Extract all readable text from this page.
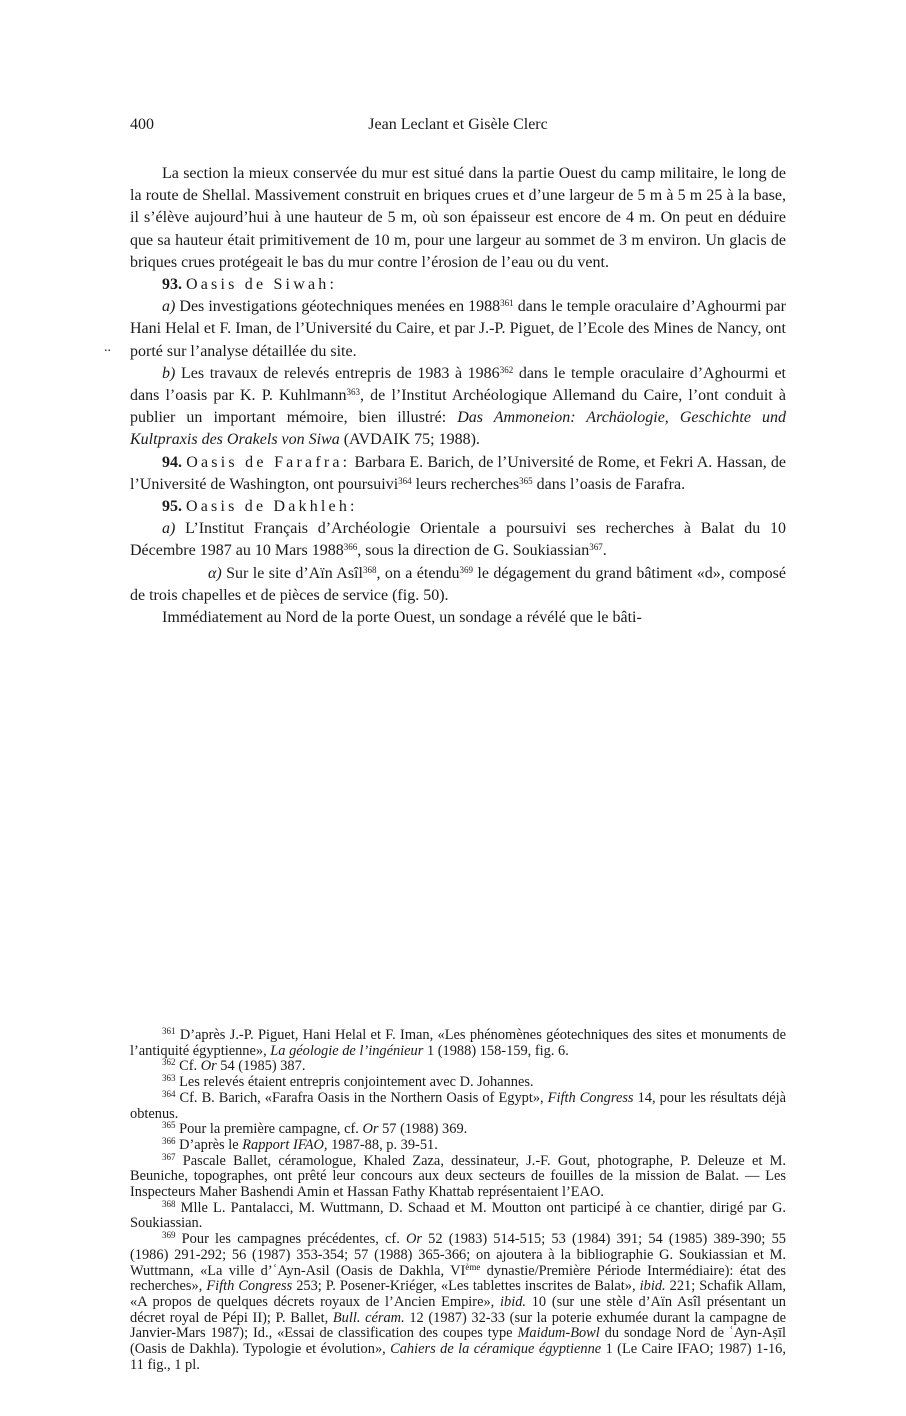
400	Jean Leclant et Gisèle Clerc
..

La section la mieux conservée du mur est situé dans la partie Ouest du camp militaire, le long de la route de Shellal. Massivement construit en briques crues et d’une largeur de 5 m à 5 m 25 à la base, il s’élève aujourd’hui à une hauteur de 5 m, où son épaisseur est encore de 4 m. On peut en déduire que sa hauteur était primitivement de 10 m, pour une largeur au sommet de 3 m environ. Un glacis de briques crues protégeait le bas du mur contre l’érosion de l’eau ou du vent.

93. Oasis de Siwah:

a) Des investigations géotechniques menées en 1988$^{361}$ dans le temple oraculaire d’Aghourmi par Hani Helal et F. Iman, de l’Université du Caire, et par J.-P. Piguet, de l’Ecole des Mines de Nancy, ont porté sur l’analyse détaillée du site.

b) Les travaux de relevés entrepris de 1983 à 1986$^{362}$ dans le temple oraculaire d’Aghourmi et dans l’oasis par K. P. Kuhlmann$^{363}$, de l’Institut Archéologique Allemand du Caire, l’ont conduit à publier un important mémoire, bien illustré: Das Ammoneion: Archäologie, Geschichte und Kultpraxis des Orakels von Siwa (AVDAIK 75; 1988).

94. Oasis de Farafra: Barbara E. Barich, de l’Université de Rome, et Fekri A. Hassan, de l’Université de Washington, ont poursuivi$^{364}$ leurs recherches$^{365}$ dans l’oasis de Farafra.

95. Oasis de Dakhleh:

a) L’Institut Français d’Archéologie Orientale a poursuivi ses recherches à Balat du 10 Décembre 1987 au 10 Mars 1988$^{366}$, sous la direction de G. Soukiassian$^{367}$.

α) Sur le site d’Aïn Asîl$^{368}$, on a étendu$^{369}$ le dégagement du grand bâtiment «d», composé de trois chapelles et de pièces de service (fig. 50).

Immédiatement au Nord de la porte Ouest, un sondage a révélé que le bâti-

$^{361}$ D’après J.-P. Piguet, Hani Helal et F. Iman, «Les phénomènes géotechniques des sites et monuments de l’antiquité égyptienne», La géologie de l’ingénieur 1 (1988) 158-159, fig. 6.

$^{362}$ Cf. Or 54 (1985) 387.

$^{363}$ Les relevés étaient entrepris conjointement avec D. Johannes.

$^{364}$ Cf. B. Barich, «Farafra Oasis in the Northern Oasis of Egypt», Fifth Congress 14, pour les résultats déjà obtenus.

$^{365}$ Pour la première campagne, cf. Or 57 (1988) 369.

$^{366}$ D’après le Rapport IFAO, 1987-88, p. 39-51.

$^{367}$ Pascale Ballet, céramologue, Khaled Zaza, dessinateur, J.-F. Gout, photographe, P. Deleuze et M. Beuniche, topographes, ont prêté leur concours aux deux secteurs de fouilles de la mission de Balat. — Les Inspecteurs Maher Bashendi Amin et Hassan Fathy Khattab représentaient l’EAO.

$^{368}$ Mlle L. Pantalacci, M. Wuttmann, D. Schaad et M. Moutton ont participé à ce chantier, dirigé par G. Soukiassian.

$^{369}$ Pour les campagnes précédentes, cf. Or 52 (1983) 514-515; 53 (1984) 391; 54 (1985) 389-390; 55 (1986) 291-292; 56 (1987) 353-354; 57 (1988) 365-366; on ajoutera à la bibliographie G. Soukiassian et M. Wuttmann, «La ville d’ʿAyn-Asil (Oasis de Dakhla, VIème dynastie/Première Période Intermédiaire): état des recherches», Fifth Congress 253; P. Posener-Kriéger, «Les tablettes inscrites de Balat», ibid. 221; Schafik Allam, «A propos de quelques décrets royaux de l’Ancien Empire», ibid. 10 (sur une stèle d’Aïn Asîl présentant un décret royal de Pépi II); P. Ballet, Bull. céram. 12 (1987) 32-33 (sur la poterie exhumée durant la campagne de Janvier-Mars 1987); Id., «Essai de classification des coupes type Maidum-Bowl du sondage Nord de ʿAyn-Aṣīl (Oasis de Dakhla). Typologie et évolution», Cahiers de la céramique égyptienne 1 (Le Caire IFAO; 1987) 1-16, 11 fig., 1 pl.
